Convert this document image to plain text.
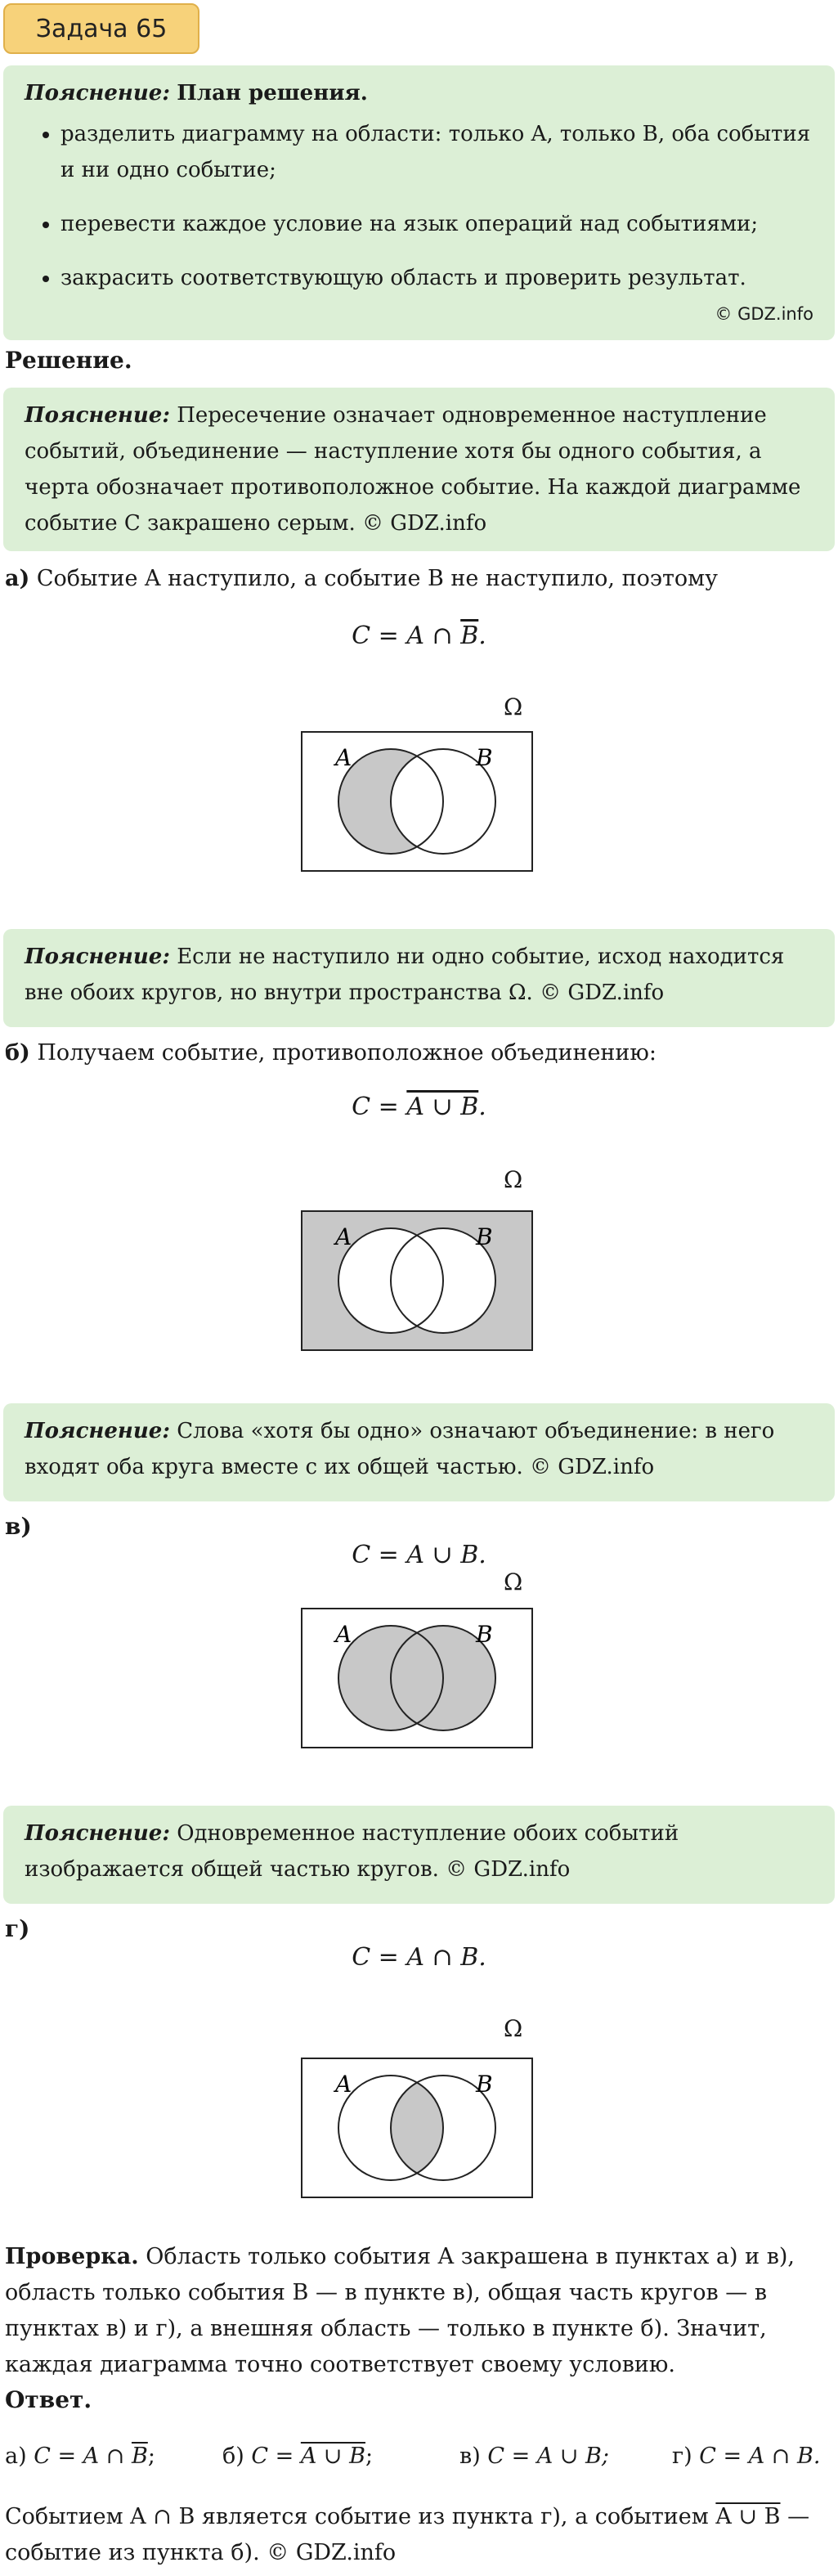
Задача 65
Пояснение: План решения.
• разделить диаграмму на области: только A, только B, оба события и ни одно событие;
• перевести каждое условие на язык операций над событиями;
• закрасить соответствующую область и проверить результат.
© GDZ.info
Решение.
Пояснение: Пересечение означает одновременное наступление событий, объединение — наступление хотя бы одного события, а черта обозначает противоположное событие. На каждой диаграмме событие C закрашено серым. © GDZ.info
а) Событие A наступило, а событие B не наступило, поэтому
C = A ∩ $\overline{B}$.
Ω
A	B
Пояснение: Если не наступило ни одно событие, исход находится вне обоих кругов, но внутри пространства Ω. © GDZ.info
б) Получаем событие, противоположное объединению:
C = A ∪ B.
Ω
A	B
Пояснение: Слова «хотя бы одно» означают объединение: в него входят оба круга вместе с их общей частью. © GDZ.info
в)
C = A ∪ B.
Ω
A	B
Пояснение: Одновременное наступление обоих событий изображается общей частью кругов. © GDZ.info
г)
C = A ∩ B.
Ω
A	B
Проверка. Область только события A закрашена в пунктах а) и в), область только события B — в пункте в), общая часть кругов — в пунктах в) и г), а внешняя область — только в пункте б). Значит, каждая диаграмма точно соответствует своему условию.
Ответ.
а) C = A ∩ $\overline{B}$;	б) C = A ∪ B;	в) C = A ∪ B;	г) C = A ∩ B.
Событием A ∩ B является событие из пункта г), а событием A ∪ B — событие из пункта б). © GDZ.info
